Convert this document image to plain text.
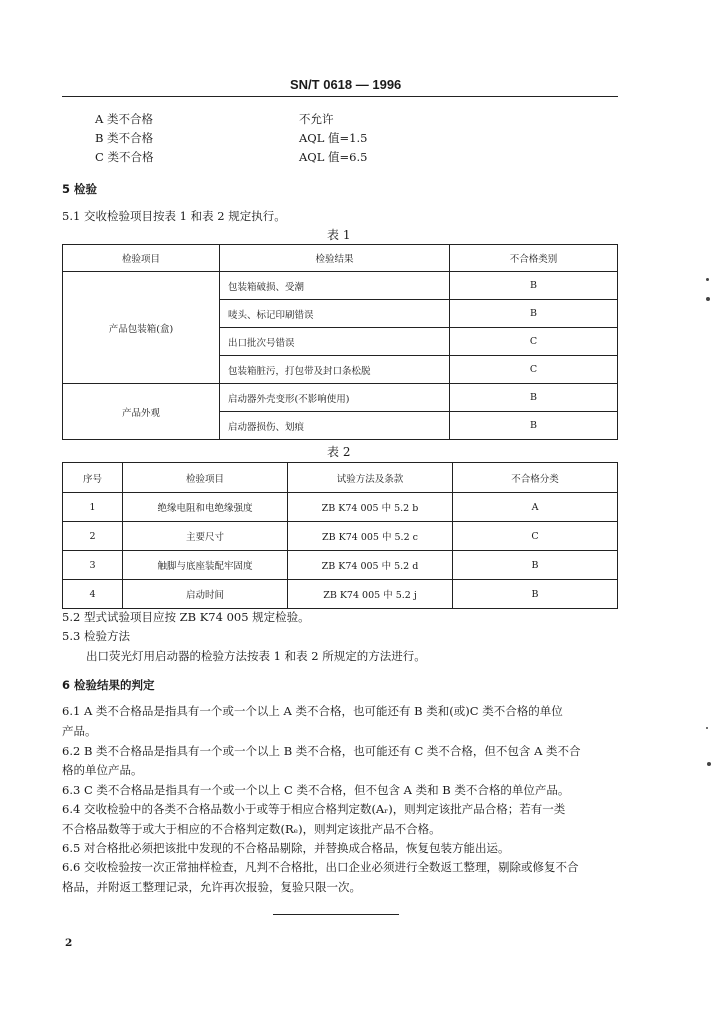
SN/T 0618 — 1996
A 类不合格	不允许
B 类不合格	AQL 值=1.5
C 类不合格	AQL 值=6.5
5 检验
5.1 交收检验项目按表 1 和表 2 规定执行。
表 1
检验项目	检验结果	不合格类别
产品包装箱(盒)	包装箱破损、受潮	B
	唛头、标记印刷错误	B
	出口批次号错误	C
	包装箱脏污，打包带及封口条松脱	C
产品外观	启动器外壳变形(不影响使用)	B
	启动器损伤、划痕	B
表 2
序号	检验项目	试验方法及条款	不合格分类
1	绝缘电阻和电绝缘强度	ZB K74 005 中 5.2 b	A
2	主要尺寸	ZB K74 005 中 5.2 c	C
3	触脚与底座装配牢固度	ZB K74 005 中 5.2 d	B
4	启动时间	ZB K74 005 中 5.2 j	B
5.2 型式试验项目应按 ZB K74 005 规定检验。
5.3 检验方法
出口荧光灯用启动器的检验方法按表 1 和表 2 所规定的方法进行。
6 检验结果的判定
6.1 A 类不合格品是指具有一个或一个以上 A 类不合格，也可能还有 B 类和(或)C 类不合格的单位
产品。
6.2 B 类不合格品是指具有一个或一个以上 B 类不合格，也可能还有 C 类不合格，但不包含 A 类不合
格的单位产品。
6.3 C 类不合格品是指具有一个或一个以上 C 类不合格，但不包含 A 类和 B 类不合格的单位产品。
6.4 交收检验中的各类不合格品数小于或等于相应合格判定数(Aᵣ)，则判定该批产品合格；若有一类
不合格品数等于或大于相应的不合格判定数(Rₑ)，则判定该批产品不合格。
6.5 对合格批必须把该批中发现的不合格品剔除，并替换成合格品，恢复包装方能出运。
6.6 交收检验按一次正常抽样检查，凡判不合格批，出口企业必须进行全数返工整理，剔除或修复不合
格品，并附返工整理记录，允许再次报验，复验只限一次。
2
